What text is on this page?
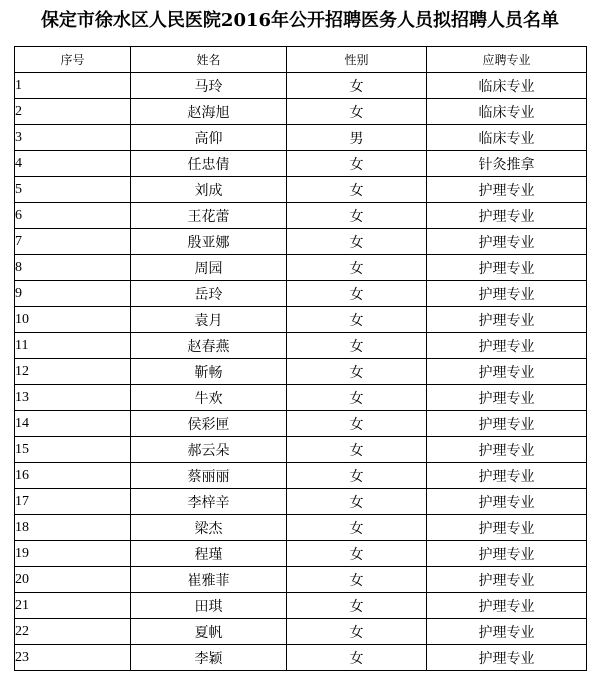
保定市徐水区人民医院2016年公开招聘医务人员拟招聘人员名单
序号	姓名	性别	应聘专业
1	马玲	女	临床专业
2	赵海旭	女	临床专业
3	高仰	男	临床专业
4	任忠倩	女	针灸推拿
5	刘成	女	护理专业
6	王花蕾	女	护理专业
7	殷亚娜	女	护理专业
8	周园	女	护理专业
9	岳玲	女	护理专业
10	袁月	女	护理专业
11	赵春燕	女	护理专业
12	靳畅	女	护理专业
13	牛欢	女	护理专业
14	侯彩匣	女	护理专业
15	郝云朵	女	护理专业
16	蔡丽丽	女	护理专业
17	李梓辛	女	护理专业
18	梁杰	女	护理专业
19	程瑾	女	护理专业
20	崔雅菲	女	护理专业
21	田琪	女	护理专业
22	夏帆	女	护理专业
23	李颖	女	护理专业
